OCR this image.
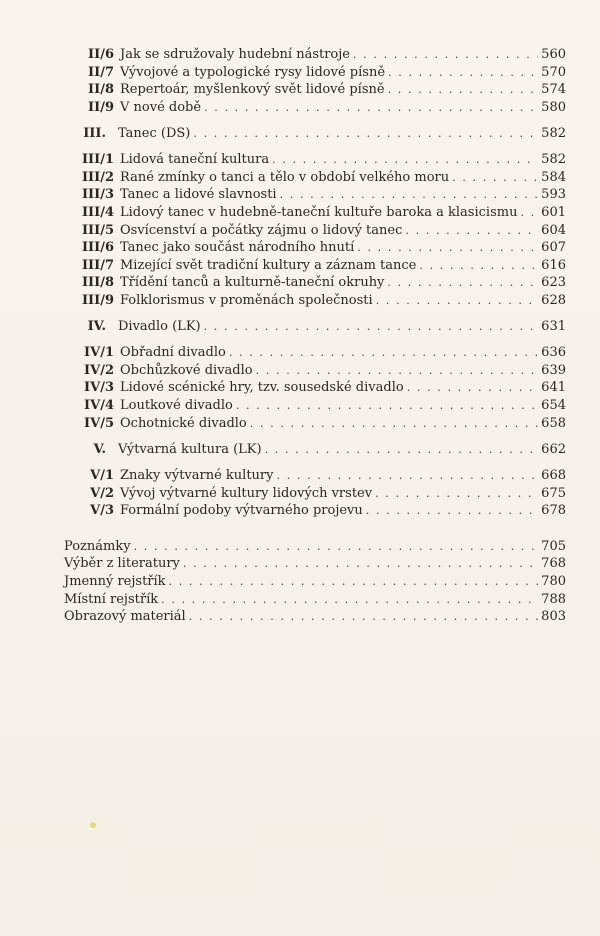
II/6 Jak se sdružovaly hudební nástroje . . .	560
II/7 Vývojové a typologické rysy lidové písně . . .	570
II/8 Repertoár, myšlenkový svět lidové písně . . .	574
II/9 V nové době . . .	580
III. Tanec (DS) . . .	582
III/1 Lidová taneční kultura . . .	582
III/2 Rané zmínky o tanci a tělo v období velkého moru . . .	584
III/3 Tanec a lidové slavnosti . . .	593
III/4 Lidový tanec v hudebně-taneční kultuře baroka a klasicismu . . . 601
III/5 Osvícenství a počátky zájmu o lidový tanec . . .	604
III/6 Tanec jako součást národního hnutí . . .	607
III/7 Mizející svět tradiční kultury a záznam tance . . .	616
III/8 Třídění tanců a kulturně-taneční okruhy . . .	623
III/9 Folklorismus v proměnách společnosti . . .	628
IV. Divadlo (LK) . . .	631
IV/1 Obřadní divadlo . . .	636
IV/2 Obchůzkové divadlo . . .	639
IV/3 Lidové scénické hry, tzv. sousedské divadlo . . .	641
IV/4 Loutkové divadlo . . .	654
IV/5 Ochotnické divadlo . . .	658
V. Výtvarná kultura (LK) . . .	662
V/1 Znaky výtvarné kultury . . .	668
V/2 Vývoj výtvarné kultury lidových vrstev . . .	675
V/3 Formální podoby výtvarného projevu . . .	678
Poznámky . . .	705
Výběr z literatury . . .	768
Jmenný rejstřík . . .	780
Místní rejstřík . . .	788
Obrazový materiál . . .	803
